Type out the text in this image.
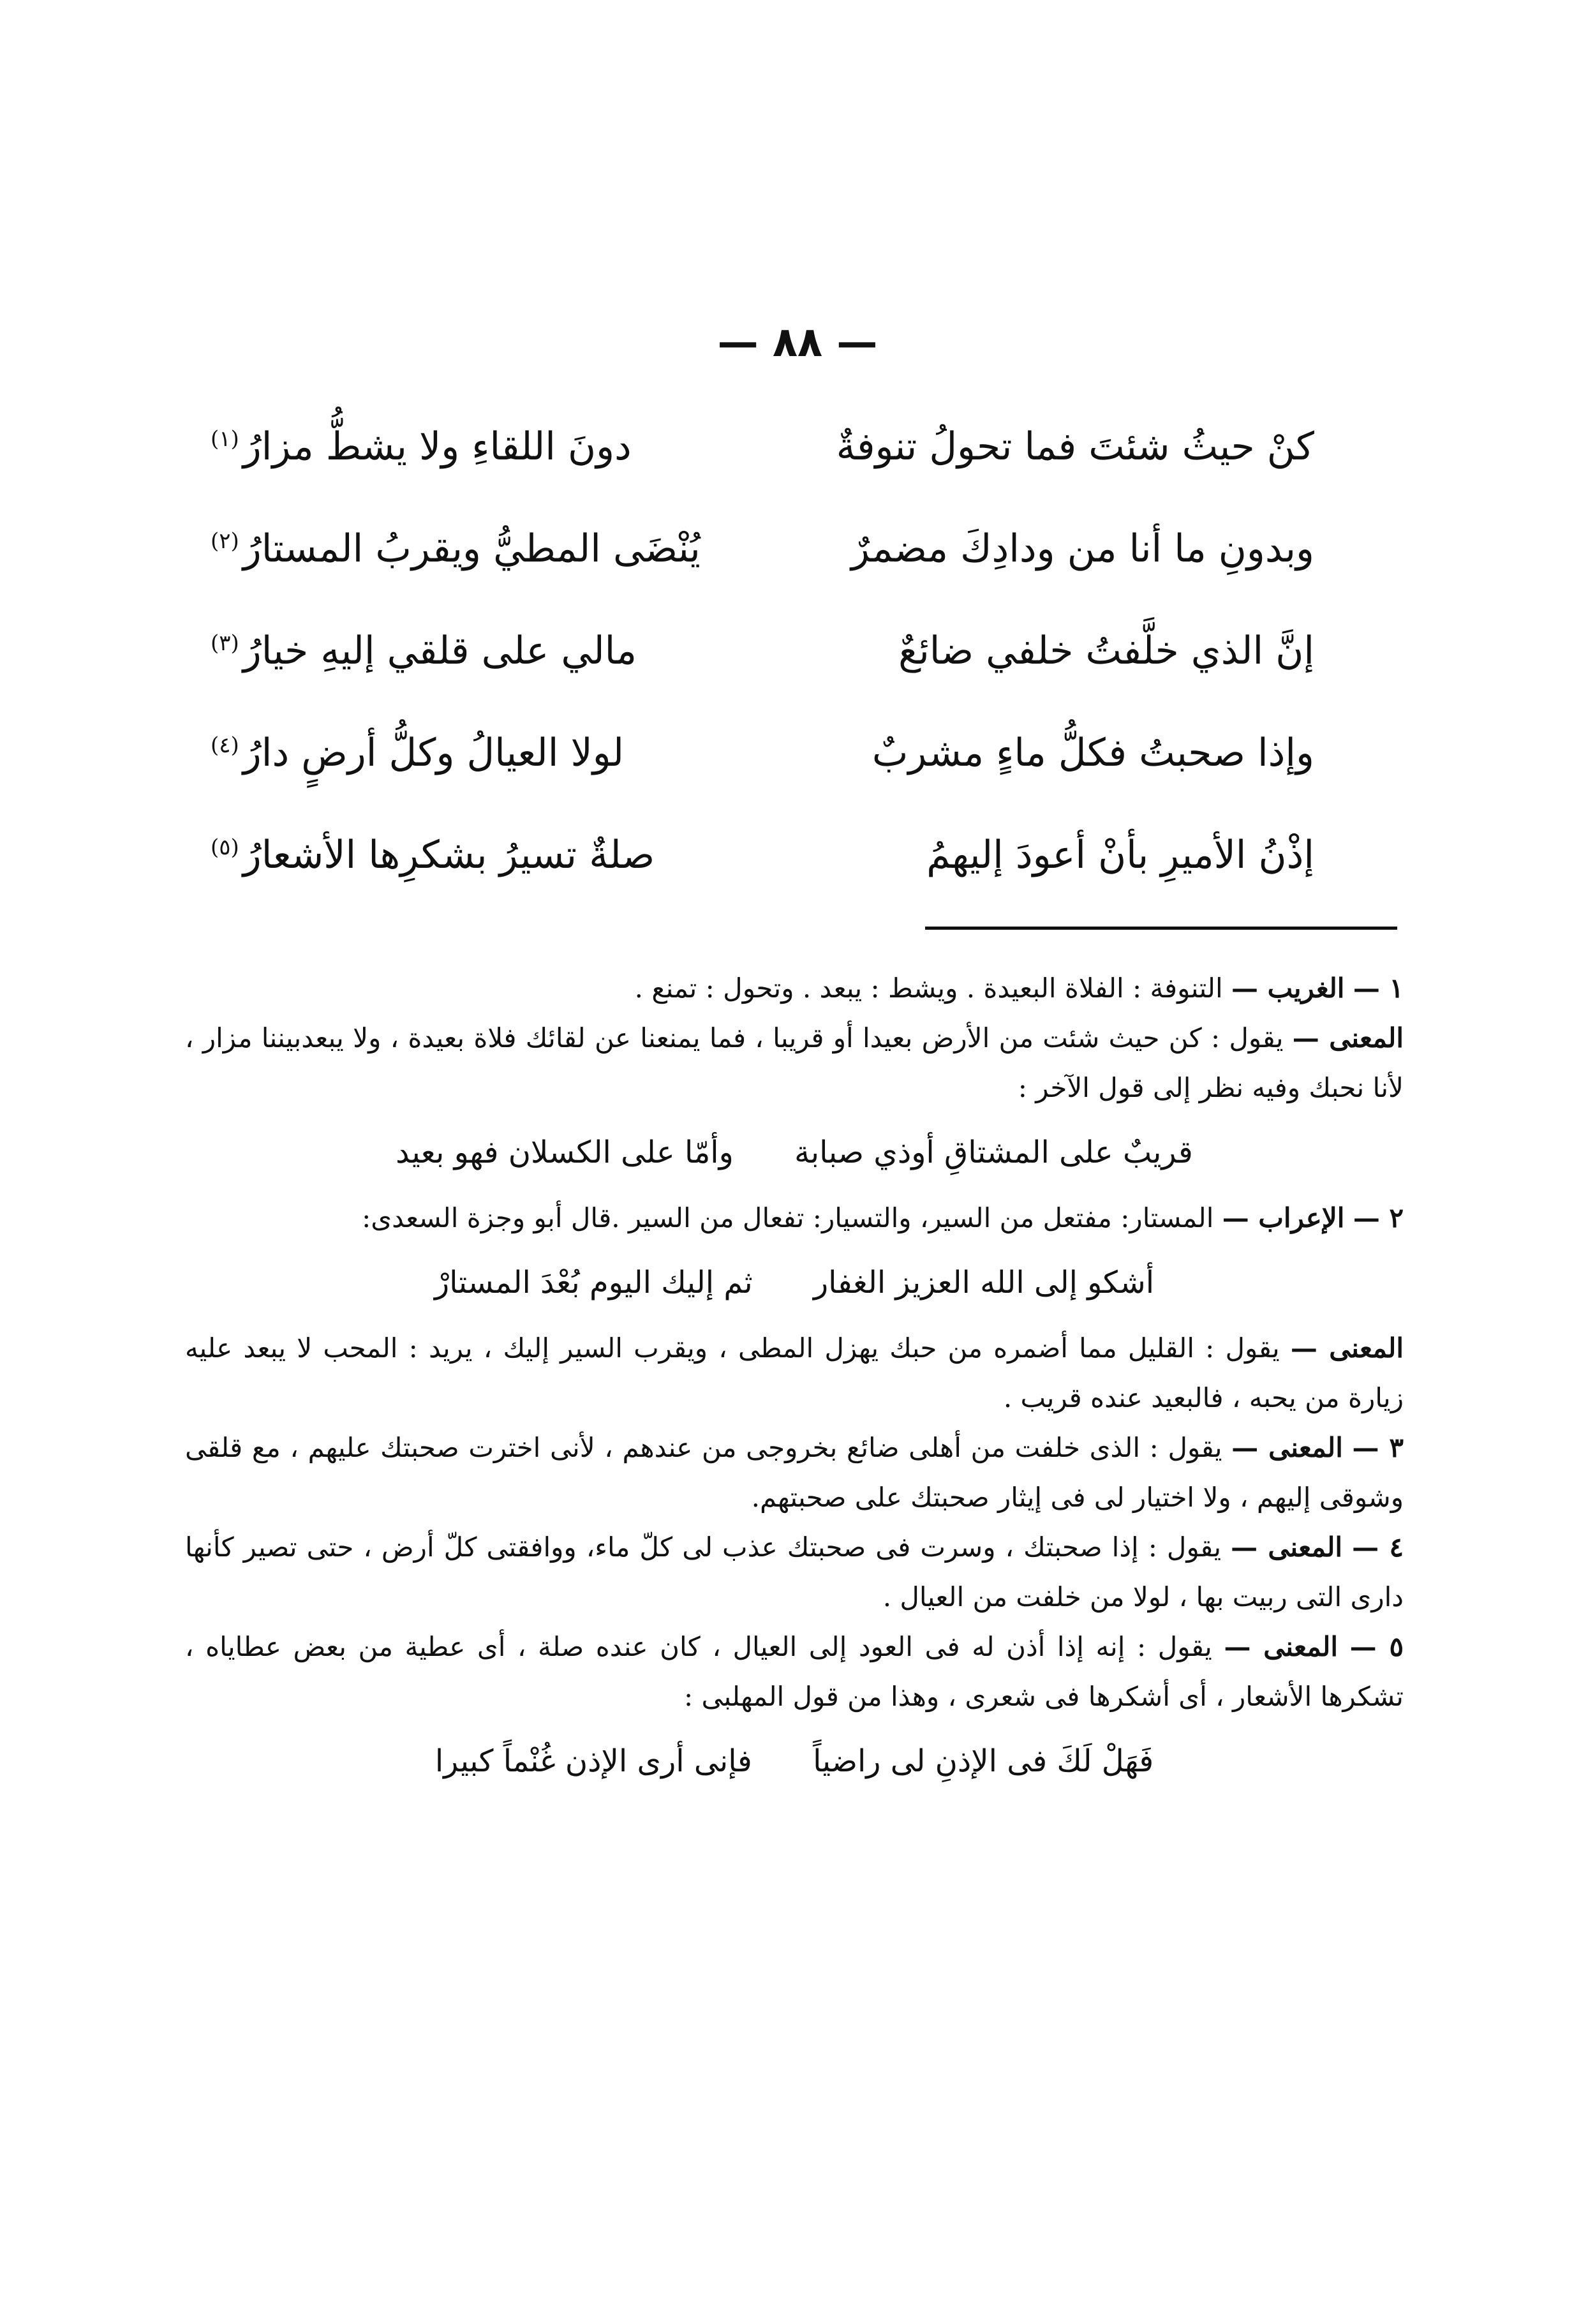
— ٨٨ —
كنْ حيثُ شئتَ فما تحولُ تنوفةٌ
دونَ اللقاءِ ولا يشطُّ مزارُ$^{(١)}$
وبدونِ ما أنا من ودادِكَ مضمرٌ
يُنْضَى المطيُّ ويقربُ المستارُ$^{(٢)}$
إنَّ الذي خلَّفتُ خلفي ضائعٌ
مالي على قلقي إليهِ خيارُ$^{(٣)}$
وإذا صحبتُ فكلُّ ماءٍ مشربٌ
لولا العيالُ وكلُّ أرضٍ دارُ$^{(٤)}$
إذْنُ الأميرِ بأنْ أعودَ إليهمُ
صلةٌ تسيرُ بشكرِها الأشعارُ$^{(٥)}$

١ — الغريب — التنوفة : الفلاة البعيدة . ويشط : يبعد . وتحول : تمنع .

المعنى — يقول : كن حيث شئت من الأرض بعيدا أو قريبا ، فما يمنعنا عن لقائك فلاة بعيدة ، ولا يبعدبيننا مزار ، لأنا نحبك وفيه نظر إلى قول الآخر :

قريبٌ على المشتاقِ أوذي صبابة وأمّا على الكسلان فهو بعيد

٢ — الإعراب — المستار: مفتعل من السير، والتسيار: تفعال من السير .قال أبو وجزة السعدى:

أشكو إلى الله العزيز الغفار ثم إليك اليوم بُعْدَ المستارْ

المعنى — يقول : القليل مما أضمره من حبك يهزل المطى ، ويقرب السير إليك ، يريد : المحب لا يبعد عليه زيارة من يحبه ، فالبعيد عنده قريب .

٣ — المعنى — يقول : الذى خلفت من أهلى ضائع بخروجى من عندهم ، لأنى اخترت صحبتك عليهم ، مع قلقى وشوقى إليهم ، ولا اختيار لى فى إيثار صحبتك على صحبتهم.

٤ — المعنى — يقول : إذا صحبتك ، وسرت فى صحبتك عذب لى كلّ ماء، ووافقتى كلّ أرض ، حتى تصير كأنها دارى التى ربيت بها ، لولا من خلفت من العيال .

٥ — المعنى — يقول : إنه إذا أذن له فى العود إلى العيال ، كان عنده صلة ، أى عطية من بعض عطاياه ، تشكرها الأشعار ، أى أشكرها فى شعرى ، وهذا من قول المهلبى :

فَهَلْ لَكَ فى الإذنِ لى راضياً فإنى أرى الإذن غُنْماً كبيرا
